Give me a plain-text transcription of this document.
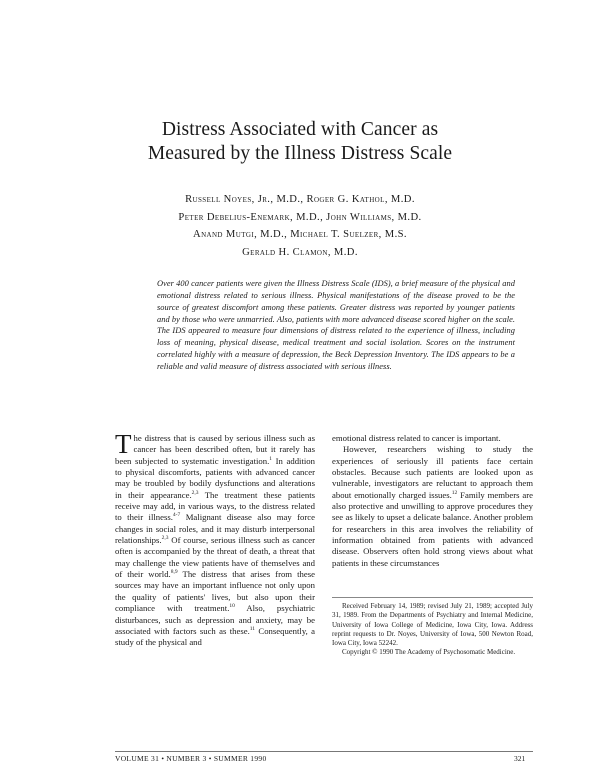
Distress Associated with Cancer as
Measured by the Illness Distress Scale
Russell Noyes, Jr., M.D., Roger G. Kathol, M.D.
Peter Debelius-Enemark, M.D., John Williams, M.D.
Anand Mutgi, M.D., Michael T. Suelzer, M.S.
Gerald H. Clamon, M.D.
Over 400 cancer patients were given the Illness Distress Scale (IDS), a brief measure of the physical and emotional distress related to serious illness. Physical manifestations of the disease proved to be the source of greatest discomfort among these patients. Greater distress was reported by younger patients and by those who were unmarried. Also, patients with more advanced disease scored higher on the scale. The IDS appeared to measure four dimensions of distress related to the experience of illness, including loss of meaning, physical disease, medical treatment and social isolation. Scores on the instrument correlated highly with a measure of depression, the Beck Depression Inventory. The IDS appears to be a reliable and valid measure of distress associated with serious illness.

The distress that is caused by serious illness such as cancer has been described often, but it rarely has been subjected to systematic investigation.$^1$ In addition to physical discomforts, patients with advanced cancer may be troubled by bodily dysfunctions and alterations in their appearance.$^{2,3}$ The treatment these patients receive may add, in various ways, to the distress related to their illness.$^{4-7}$ Malignant disease also may force changes in social roles, and it may disturb interpersonal relationships.$^{2,3}$ Of course, serious illness such as cancer often is accompanied by the threat of death, a threat that may challenge the view patients have of themselves and of their world.$^{8,9}$ The distress that arises from these sources may have an important influence not only upon the quality of patients' lives, but also upon their compliance with treatment.$^{10}$ Also, psychiatric disturbances, such as depression and anxiety, may be associated with factors such as these.$^{11}$ Consequently, a study of the physical and

emotional distress related to cancer is important.

However, researchers wishing to study the experiences of seriously ill patients face certain obstacles. Because such patients are looked upon as vulnerable, investigators are reluctant to approach them about emotionally charged issues.$^{12}$ Family members are also protective and unwilling to approve procedures they see as likely to upset a delicate balance. Another problem for researchers in this area involves the reliability of information obtained from patients with advanced disease. Observers often hold strong views about what patients in these circumstances

Received February 14, 1989; revised July 21, 1989; accepted July 31, 1989. From the Departments of Psychiatry and Internal Medicine, University of Iowa College of Medicine, Iowa City, Iowa. Address reprint requests to Dr. Noyes, University of Iowa, 500 Newton Road, Iowa City, Iowa 52242.

Copyright © 1990 The Academy of Psychosomatic Medicine.

VOLUME 31 • NUMBER 3 • SUMMER 1990	321
